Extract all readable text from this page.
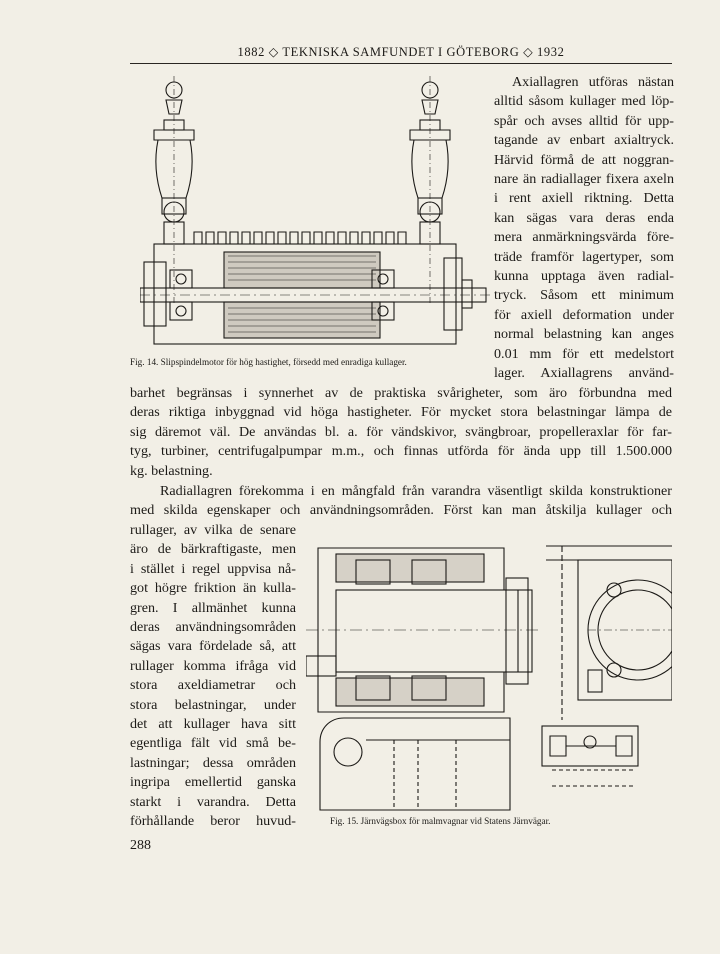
1882 ◇ TEKNISKA SAMFUNDET I GÖTEBORG ◇ 1932
Fig. 14. Slipspindelmotor för hög hastighet, försedd med enradiga kullager.
Axiallagren utföras nästan
alltid såsom kullager med löp-
spår och avses alltid för upp-
tagande av enbart axialtryck.
Härvid förmå de att noggran-
nare än radiallager fixera axeln
i rent axiell riktning. Detta
kan sägas vara deras enda
mera anmärkningsvärda före-
träde framför lagertyper, som
kunna upptaga även radial-
tryck. Såsom ett minimum
för axiell deformation under
normal belastning kan anges
0.01 mm för ett medelstort
lager. Axiallagrens använd-
barhet begränsas i synnerhet av de praktiska svårigheter, som äro förbundna med
deras riktiga inbyggnad vid höga hastigheter. För mycket stora belastningar lämpa de
sig däremot väl. De användas bl. a. för vändskivor, svängbroar, propelleraxlar för far-
tyg, turbiner, centrifugalpumpar m.m., och finnas utförda för ända upp till 1.500.000
kg. belastning.
Radiallagren förekomma i en mångfald från varandra väsentligt skilda konstruktioner
med skilda egenskaper och användningsområden. Först kan man åtskilja kullager och
rullager, av vilka de senare
äro de bärkraftigaste, men
i stället i regel uppvisa nå-
got högre friktion än kulla-
gren. I allmänhet kunna
deras användningsområden
sägas vara fördelade så, att
rullager komma ifråga vid
stora axeldiametrar och
stora belastningar, under
det att kullager hava sitt
egentliga fält vid små be-
lastningar; dessa områden
ingripa emellertid ganska
starkt i varandra. Detta
förhållande beror huvud-	Fig. 15. Järnvägsbox för malmvagnar vid Statens Järnvägar.
288
